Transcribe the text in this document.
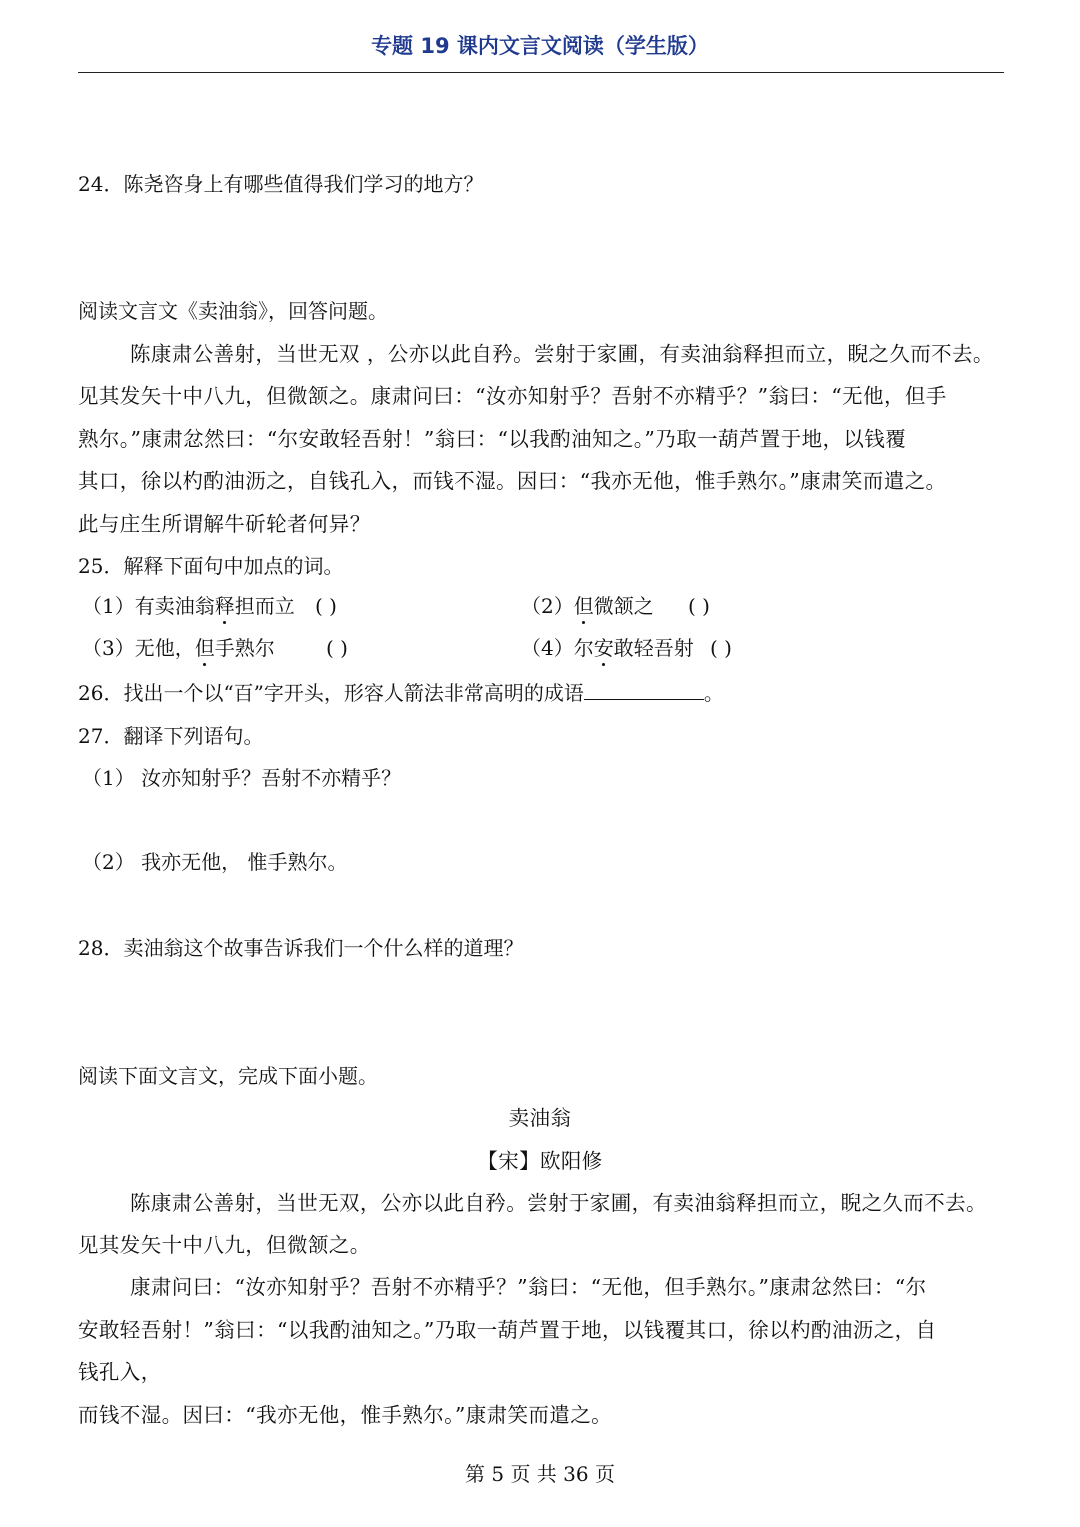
专题 19 课内文言文阅读（学生版）
24．陈尧咨身上有哪些值得我们学习的地方？
阅读文言文《卖油翁》，回答问题。
陈康肃公善射，当世无双 ，公亦以此自矜。尝射于家圃，有卖油翁释担而立，睨之久而不去。
见其发矢十中八九，但微颔之。康肃问曰：“汝亦知射乎？吾射不亦精乎？”翁曰：“无他，但手
熟尔。”康肃忿然曰：“尔安敢轻吾射！”翁曰：“以我酌油知之。”乃取一葫芦置于地，以钱覆
其口，徐以杓酌油沥之，自钱孔入，而钱不湿。因曰：“我亦无他，惟手熟尔。”康肃笑而遣之。
此与庄生所谓解牛斫轮者何异？
25．解释下面句中加点的词。
（1）有卖油翁释担而立 ( )	（2）但微颔之 ( )
（3）无他，但手熟尔	( )	（4）尔安敢轻吾射 ( )
26．找出一个以“百”字开头，形容人箭法非常高明的成语	。
27．翻译下列语句。
（1） 汝亦知射乎？吾射不亦精乎？
（2） 我亦无他， 惟手熟尔。
28．卖油翁这个故事告诉我们一个什么样的道理？
阅读下面文言文，完成下面小题。
卖油翁
【宋】欧阳修
陈康肃公善射，当世无双，公亦以此自矜。尝射于家圃，有卖油翁释担而立，睨之久而不去。
见其发矢十中八九，但微颔之。
康肃问曰：“汝亦知射乎？吾射不亦精乎？”翁曰：“无他，但手熟尔。”康肃忿然曰：“尔
安敢轻吾射！”翁曰：“以我酌油知之。”乃取一葫芦置于地，以钱覆其口，徐以杓酌油沥之，自
钱孔入，
而钱不湿。因曰：“我亦无他，惟手熟尔。”康肃笑而遣之。
第 5 页 共 36 页
